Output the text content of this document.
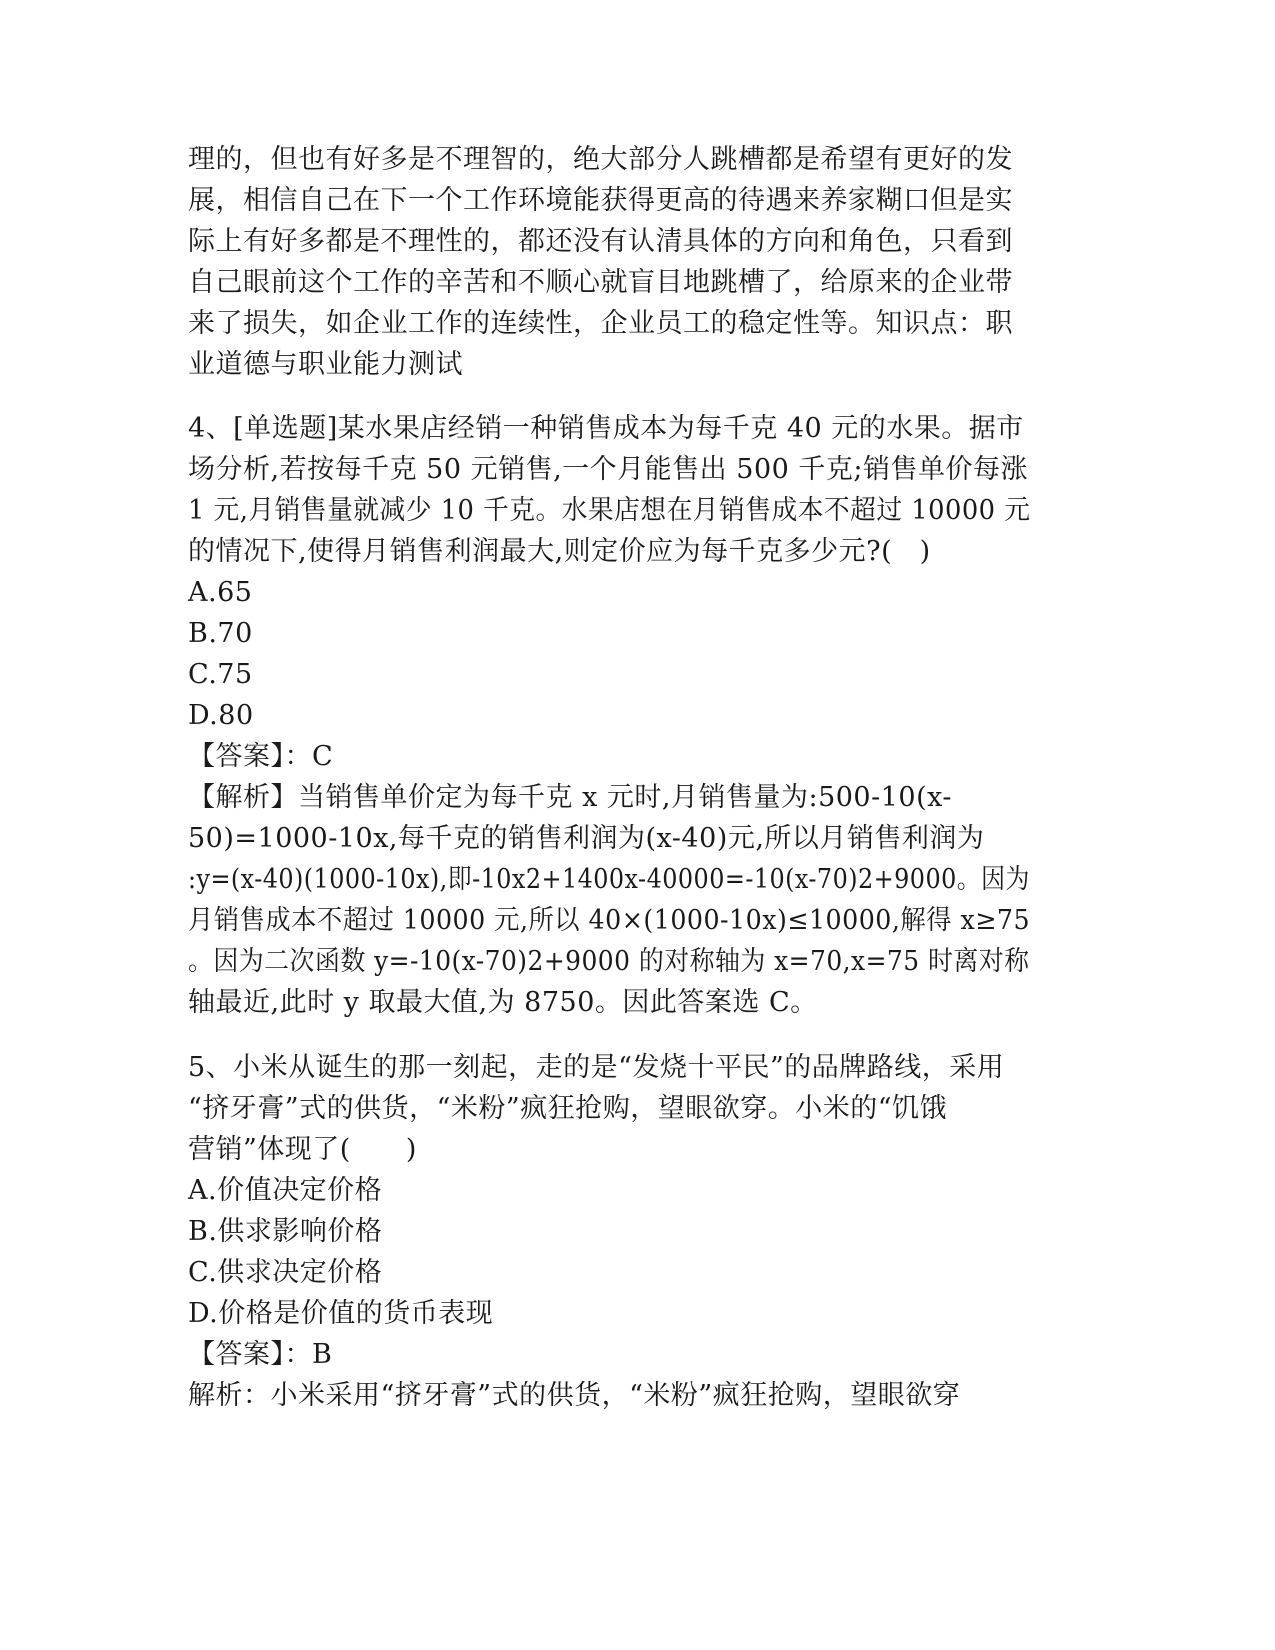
理的，但也有好多是不理智的，绝大部分人跳槽都是希望有更好的发

展，相信自己在下一个工作环境能获得更高的待遇来养家糊口但是实

际上有好多都是不理性的，都还没有认清具体的方向和角色，只看到

自己眼前这个工作的辛苦和不顺心就盲目地跳槽了，给原来的企业带

来了损失，如企业工作的连续性，企业员工的稳定性等。知识点：职

业道德与职业能力测试

4、[单选题]某水果店经销一种销售成本为每千克 40 元的水果。据市

场分析,若按每千克 50 元销售,一个月能售出 500 千克;销售单价每涨

1 元,月销售量就减少 10 千克。水果店想在月销售成本不超过 10000 元

的情况下,使得月销售利润最大,则定价应为每千克多少元?(　)

A.65

B.70

C.75

D.80

【答案】：C

【解析】当销售单价定为每千克 x 元时,月销售量为:500-10(x-

50)=1000-10x,每千克的销售利润为(x-40)元,所以月销售利润为

:y=(x-40)(1000-10x),即-10x2+1400x-40000=-10(x-70)2+9000。因为

月销售成本不超过 10000 元,所以 40×(1000-10x)≤10000,解得 x≥75

。因为二次函数 y=-10(x-70)2+9000 的对称轴为 x=70,x=75 时离对称

轴最近,此时 y 取最大值,为 8750。因此答案选 C。

5、小米从诞生的那一刻起，走的是“发烧十平民”的品牌路线，采用

“挤牙膏”式的供货，“米粉”疯狂抢购，望眼欲穿。小米的“饥饿

营销”体现了(　　)

A.价值决定价格

B.供求影响价格

C.供求决定价格

D.价格是价值的货币表现

【答案】：B

解析：小米采用“挤牙膏”式的供货，“米粉”疯狂抢购，望眼欲穿
